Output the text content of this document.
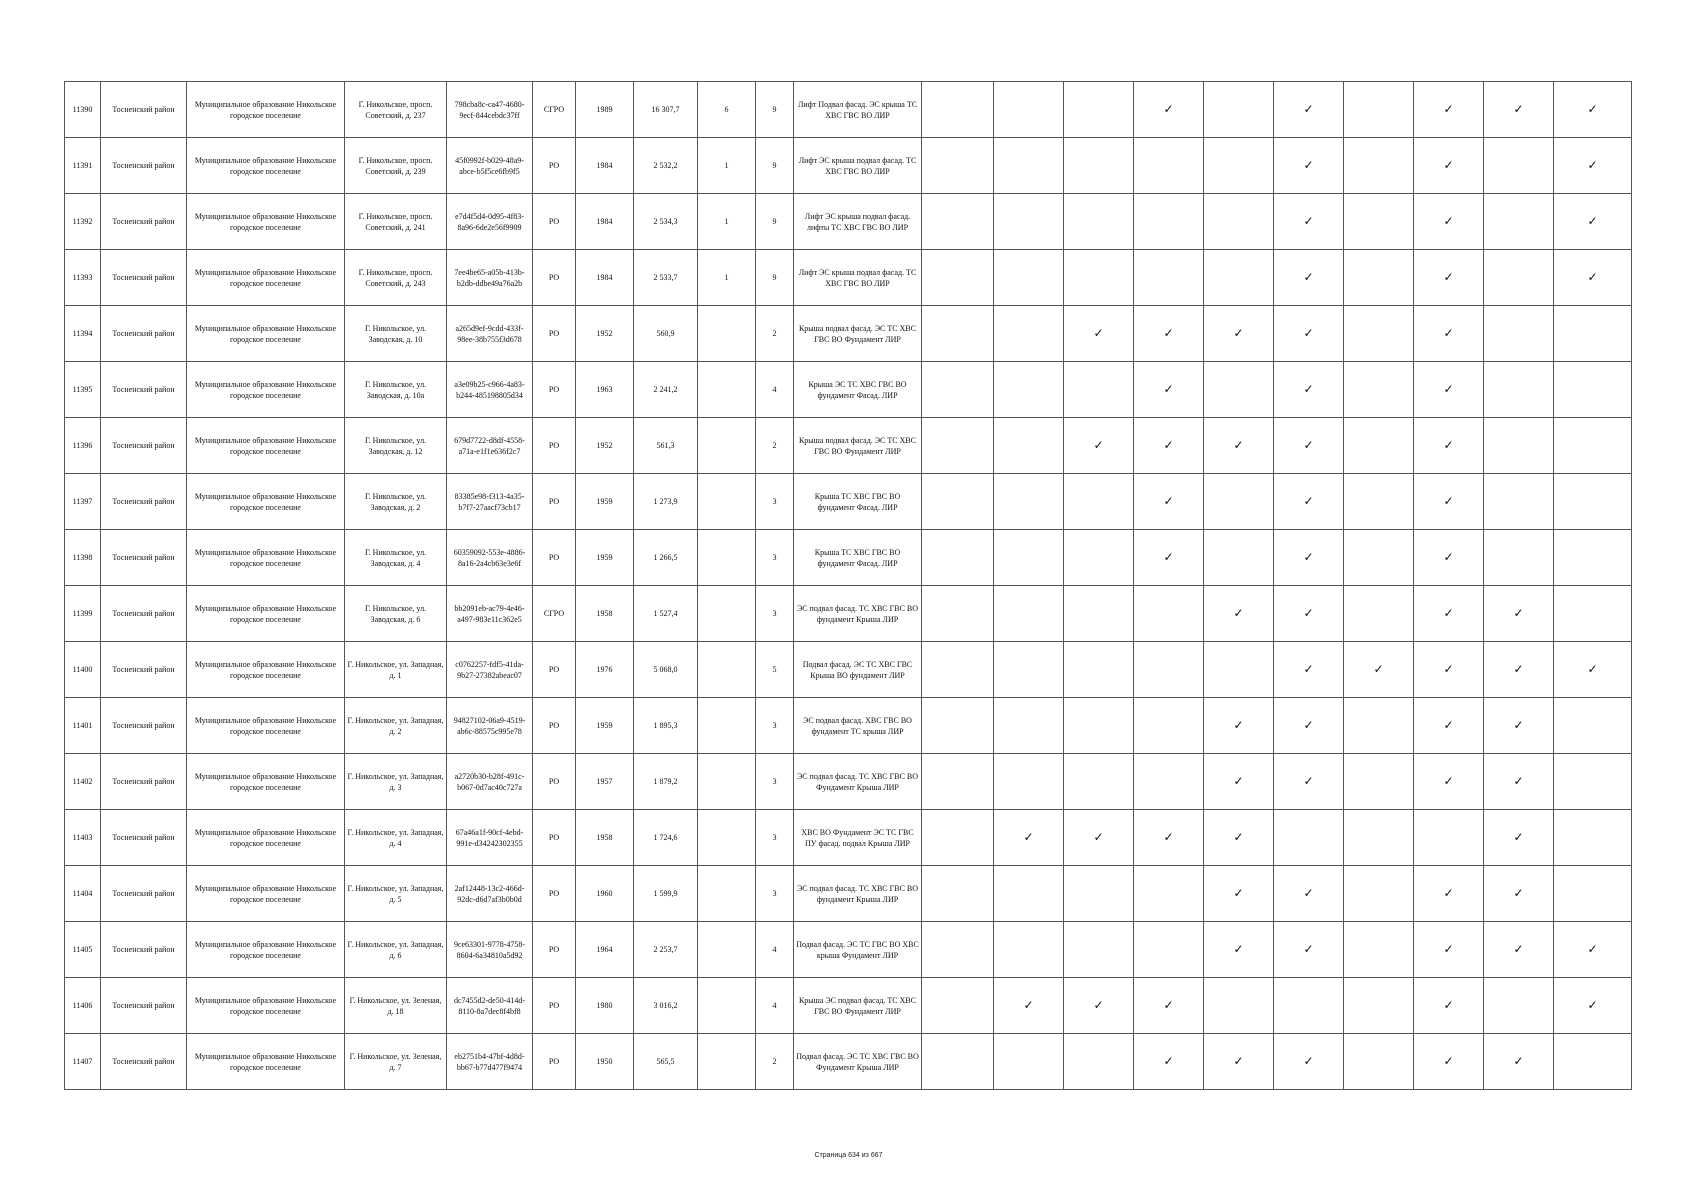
11390	Тосненский район	Муниципальное образование Никольское городское поселение	Г. Никольское, просп. Советский, д. 237	798cba8c-ca47-4680-9ecf-844cebdc37ff	СГРО	1989	16 307,7	6	9	Лифт Подвал фасад. ЭС крыша ТС ХВС ГВС ВО ЛИР				✓		✓		✓	✓	✓
11391	Тосненский район	Муниципальное образование Никольское городское поселение	Г. Никольское, просп. Советский, д. 239	45f0992f-b029-48a9-abce-b5f5ce6fb9f5	РО	1984	2 532,2	1	9	Лифт ЭС крыша подвал фасад. ТС ХВС ГВС ВО ЛИР						✓		✓		✓
11392	Тосненский район	Муниципальное образование Никольское городское поселение	Г. Никольское, просп. Советский, д. 241	e7d4f5d4-0d95-4f83-8a96-6de2e56f9909	РО	1984	2 534,3	1	9	Лифт ЭС крыша подвал фасад. лифты ТС ХВС ГВС ВО ЛИР						✓		✓		✓
11393	Тосненский район	Муниципальное образование Никольское городское поселение	Г. Никольское, просп. Советский, д. 243	7ee4be65-a05b-413b-b2db-ddbe49a76a2b	РО	1984	2 533,7	1	9	Лифт ЭС крыша подвал фасад. ТС ХВС ГВС ВО ЛИР						✓		✓		✓
11394	Тосненский район	Муниципальное образование Никольское городское поселение	Г. Никольское, ул. Заводская, д. 10	a265d9ef-9cdd-433f-98ee-38b755f3d678	РО	1952	560,9		2	Крыша подвал фасад. ЭС ТС ХВС ГВС ВО Фундамент ЛИР			✓	✓	✓	✓		✓		
11395	Тосненский район	Муниципальное образование Никольское городское поселение	Г. Никольское, ул. Заводская, д. 10а	a3e09b25-c966-4a83-b244-485198805d34	РО	1963	2 241,2		4	Крыша ЭС ТС ХВС ГВС ВО фундамент Фасад. ЛИР				✓		✓		✓		
11396	Тосненский район	Муниципальное образование Никольское городское поселение	Г. Никольское, ул. Заводская, д. 12	679d7722-d8df-4558-a71a-e1f1e636f2c7	РО	1952	561,3		2	Крыша подвал фасад. ЭС ТС ХВС ГВС ВО Фундамент ЛИР			✓	✓	✓	✓		✓		
11397	Тосненский район	Муниципальное образование Никольское городское поселение	Г. Никольское, ул. Заводская, д. 2	83385e98-f313-4a35-b7f7-27aacf73cb17	РО	1959	1 273,9		3	Крыша ТС ХВС ГВС ВО фундамент Фасад. ЛИР				✓		✓		✓		
11398	Тосненский район	Муниципальное образование Никольское городское поселение	Г. Никольское, ул. Заводская, д. 4	60359092-553e-4886-8a16-2a4cb63e3e6f	РО	1959	1 266,5		3	Крыша ТС ХВС ГВС ВО фундамент Фасад. ЛИР				✓		✓		✓		
11399	Тосненский район	Муниципальное образование Никольское городское поселение	Г. Никольское, ул. Заводская, д. 6	bb2091eb-ac79-4e46-a497-983e11c362e5	СГРО	1958	1 527,4		3	ЭС подвал фасад. ТС ХВС ГВС ВО фундамент Крыша ЛИР					✓	✓		✓	✓	
11400	Тосненский район	Муниципальное образование Никольское городское поселение	Г. Никольское, ул. Западная, д. 1	c0762257-fdf5-41da-9b27-27382abeac07	РО	1976	5 068,0		5	Подвал фасад. ЭС ТС ХВС ГВС Крыша ВО фундамент ЛИР						✓	✓	✓	✓	✓
11401	Тосненский район	Муниципальное образование Никольское городское поселение	Г. Никольское, ул. Западная, д. 2	94827102-06a9-4519-ab6c-88575c995e78	РО	1959	1 895,3		3	ЭС подвал фасад. ХВС ГВС ВО фундамент ТС крыша ЛИР					✓	✓		✓	✓	
11402	Тосненский район	Муниципальное образование Никольское городское поселение	Г. Никольское, ул. Западная, д. 3	a2720b30-b28f-491c-b067-0d7ac40c727a	РО	1957	1 879,2		3	ЭС подвал фасад. ТС ХВС ГВС ВО Фундамент Крыша ЛИР					✓	✓		✓	✓	
11403	Тосненский район	Муниципальное образование Никольское городское поселение	Г. Никольское, ул. Западная, д. 4	67a46a1f-90cf-4ebd-991e-d34242302355	РО	1958	1 724,6		3	ХВС ВО Фундамент ЭС ТС ГВС ПУ фасад. подвал Крыша ЛИР		✓	✓	✓	✓				✓	
11404	Тосненский район	Муниципальное образование Никольское городское поселение	Г. Никольское, ул. Западная, д. 5	2af12448-13c2-466d-92dc-d6d7af3b0b0d	РО	1960	1 599,9		3	ЭС подвал фасад. ТС ХВС ГВС ВО фундамент Крыша ЛИР					✓	✓		✓	✓	
11405	Тосненский район	Муниципальное образование Никольское городское поселение	Г. Никольское, ул. Западная, д. 6	9ce63301-9778-4758-8604-6a34810a5d92	РО	1964	2 253,7		4	Подвал фасад. ЭС ТС ГВС ВО ХВС крыша Фундамент ЛИР					✓	✓		✓	✓	✓
11406	Тосненский район	Муниципальное образование Никольское городское поселение	Г. Никольское, ул. Зеленая, д. 18	dc7455d2-de50-414d-8110-8a7dec8f4bf8	РО	1980	3 016,2		4	Крыша ЭС подвал фасад. ТС ХВС ГВС ВО Фундамент ЛИР		✓	✓	✓				✓		✓
11407	Тосненский район	Муниципальное образование Никольское городское поселение	Г. Никольское, ул. Зеленая, д. 7	eb2751b4-47bf-4d8d-bb67-b77d477f9474	РО	1950	565,5		2	Подвал фасад. ЭС ТС ХВС ГВС ВО Фундамент Крыша ЛИР				✓	✓	✓		✓	✓	
Страница 634 из 667
